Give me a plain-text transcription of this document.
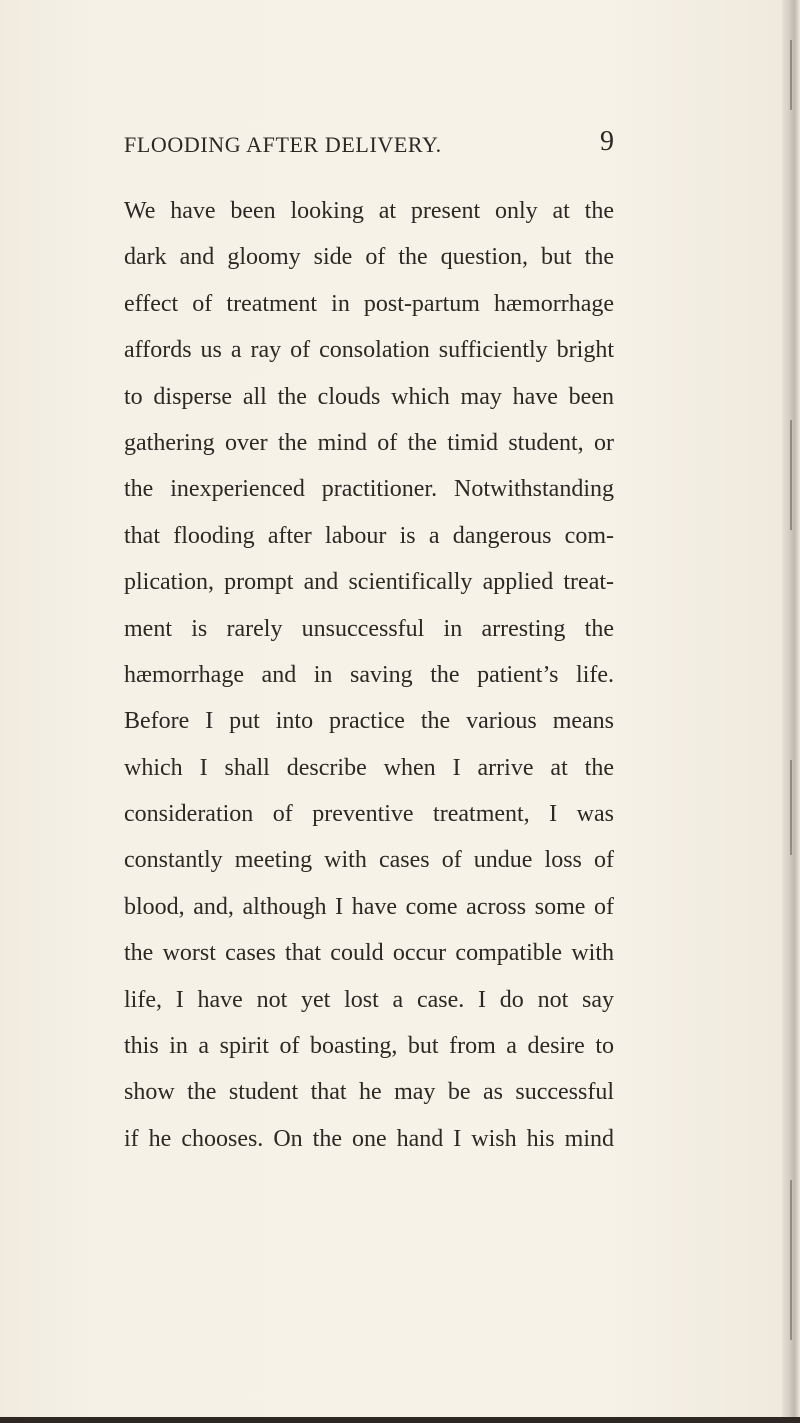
FLOODING AFTER DELIVERY.	9
We have been looking at present only at the
dark and gloomy side of the question, but the
effect of treatment in post-partum hæmorrhage
affords us a ray of consolation sufficiently bright
to disperse all the clouds which may have been
gathering over the mind of the timid student, or
the inexperienced practitioner. Notwithstanding
that flooding after labour is a dangerous com-
plication, prompt and scientifically applied treat-
ment is rarely unsuccessful in arresting the
hæmorrhage and in saving the patient’s life.
Before I put into practice the various means
which I shall describe when I arrive at the
consideration of preventive treatment, I was
constantly meeting with cases of undue loss of
blood, and, although I have come across some of
the worst cases that could occur compatible with
life, I have not yet lost a case. I do not say
this in a spirit of boasting, but from a desire to
show the student that he may be as successful
if he chooses. On the one hand I wish his mind
